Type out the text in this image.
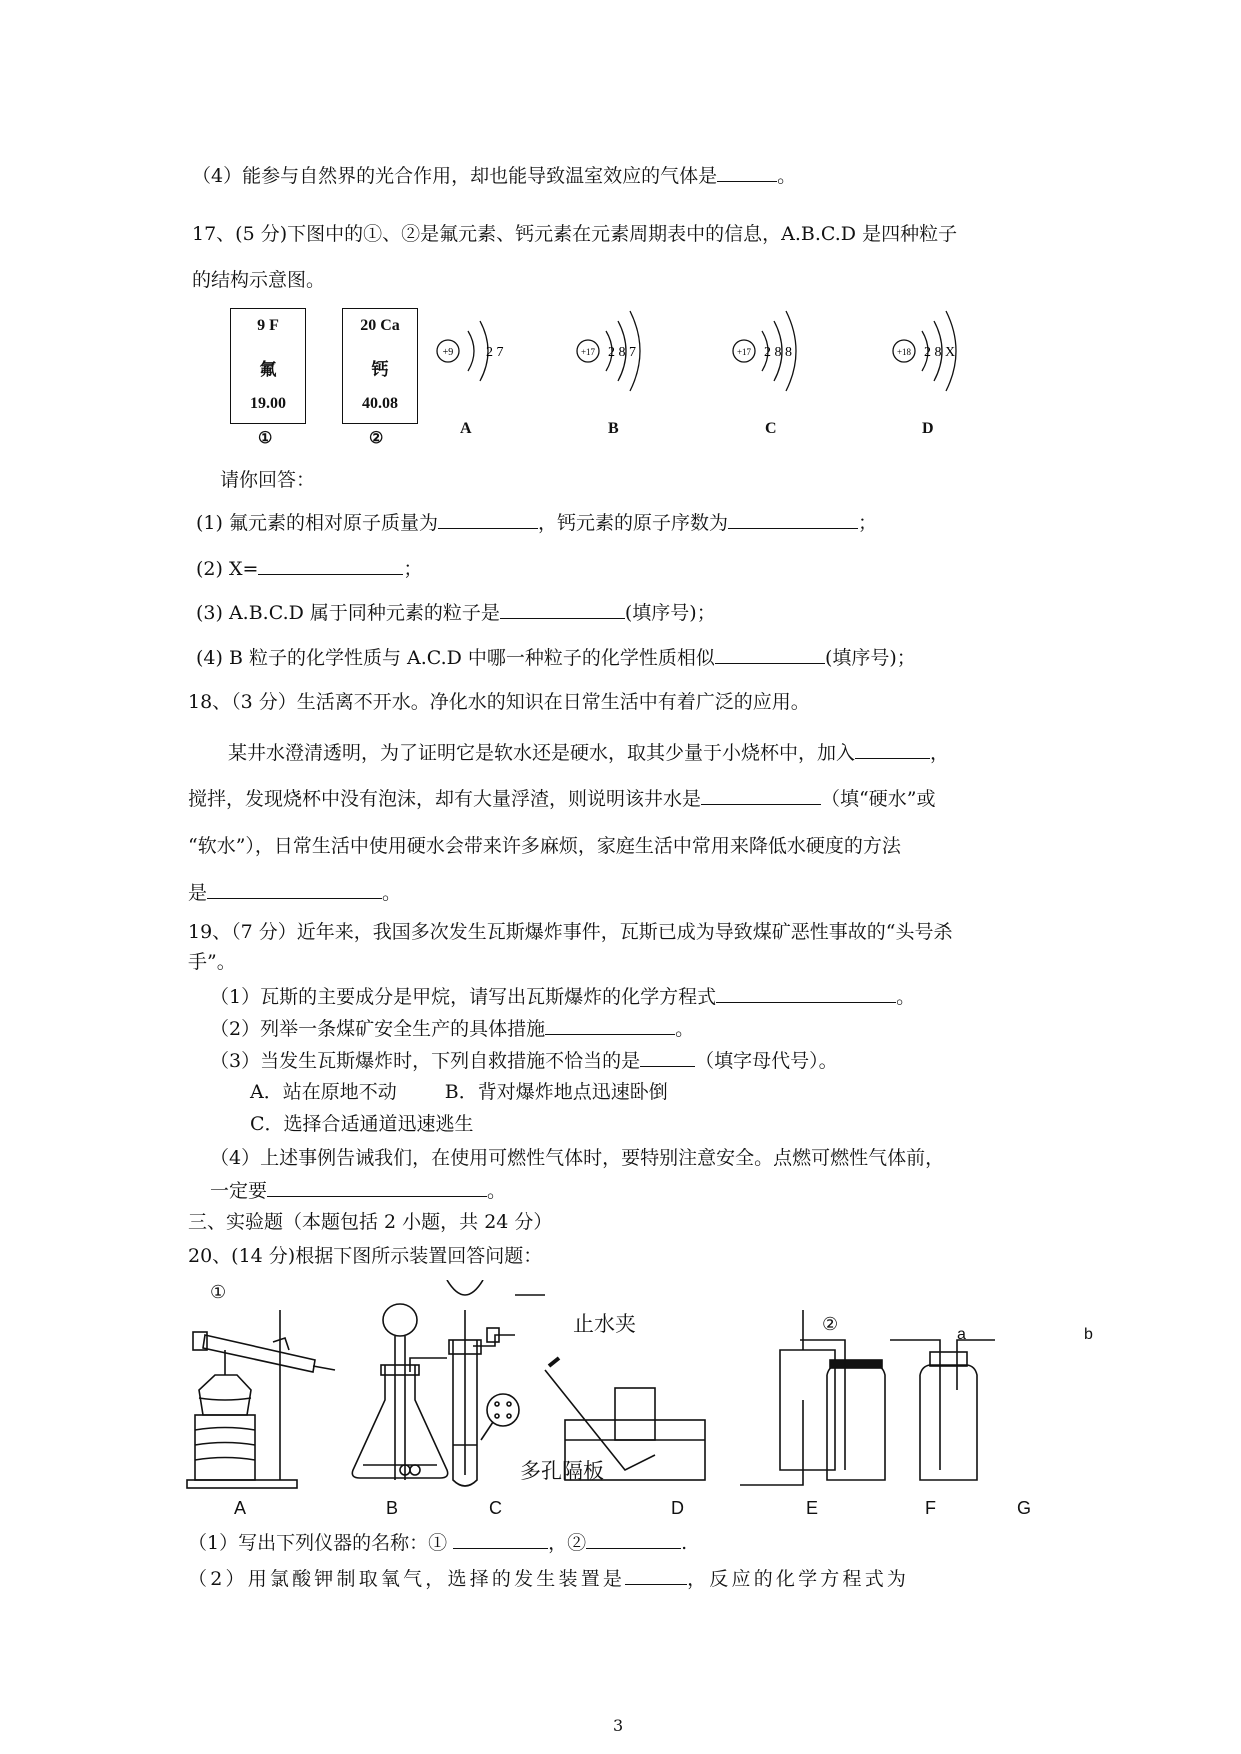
（4）能参与自然界的光合作用，却也能导致温室效应的气体是	。
17、(5 分)下图中的①、②是氟元素、钙元素在元素周期表中的信息，A.B.C.D 是四种粒子
的结构示意图。
9 F
氟
19.00
①
20 Ca
钙
40.08
②
+9 2 7	+17 2 8 7	+17 2 8 8	+18 2 8 X
A	B	C	D
请你回答：
(1) 氟元素的相对原子质量为	，钙元素的原子序数为	；
(2) X=	；
(3) A.B.C.D 属于同种元素的粒子是	(填序号)；
(4) B 粒子的化学性质与 A.C.D 中哪一种粒子的化学性质相似	(填序号)；
18、（3 分）生活离不开水。净化水的知识在日常生活中有着广泛的应用。
某井水澄清透明，为了证明它是软水还是硬水，取其少量于小烧杯中，加入	，
搅拌，发现烧杯中没有泡沫，却有大量浮渣，则说明该井水是	（填“硬水”或
“软水”），日常生活中使用硬水会带来许多麻烦，家庭生活中常用来降低水硬度的方法
是	。
19、（7 分）近年来，我国多次发生瓦斯爆炸事件，瓦斯已成为导致煤矿恶性事故的“头号杀
手”。
（1）瓦斯的主要成分是甲烷，请写出瓦斯爆炸的化学方程式	。
（2）列举一条煤矿安全生产的具体措施	。
（3）当发生瓦斯爆炸时，下列自救措施不恰当的是	（填字母代号）。
A．站在原地不动	B．背对爆炸地点迅速卧倒
C．选择合适通道迅速逃生
（4）上述事例告诫我们，在使用可燃性气体时，要特别注意安全。点燃可燃性气体前，
一定要	。
三、实验题（本题包括 2 小题，共 24 分）
20、(14 分)根据下图所示装置回答问题：
①
②
止水夹
多孔隔板
a	b
A	B	C	D	E	F	G
（1）写出下列仪器的名称：①	，②	.
（2）用氯酸钾制取氧气，选择的发生装置是	，反应的化学方程式为
3
